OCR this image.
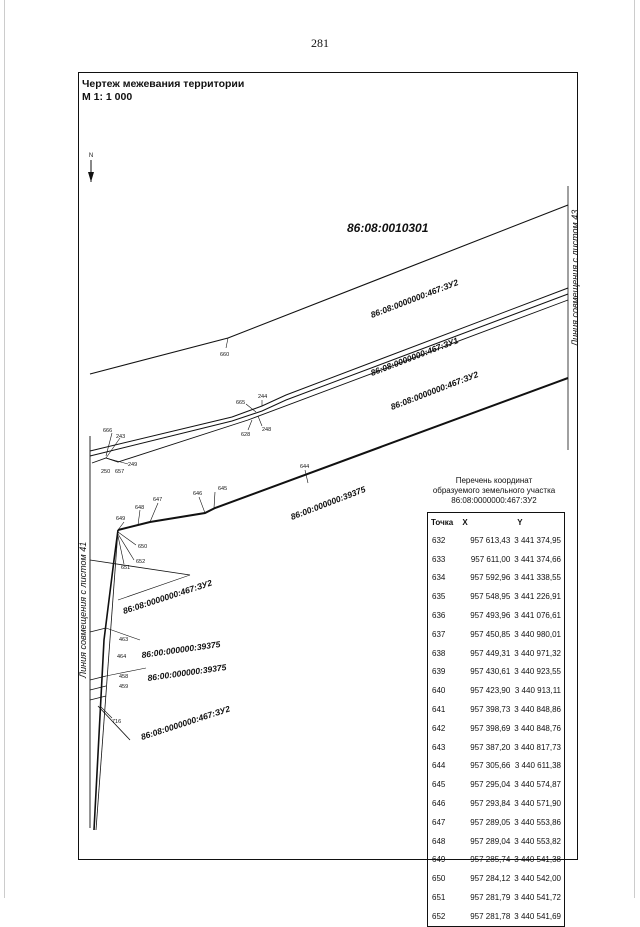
281
Чертеж межевания территории
М 1: 1 000
N
86:08:0010301
86:08:0000000:467:ЗУ2
86:08:0000000:467:ЗУ1
86:08:0000000:467:ЗУ2
86:00:000000:39375
86:08:0000000:467:ЗУ2
86:00:000000:39375
86:00:000000:39375
86:08:0000000:467:ЗУ2
Линия совмещения с листом 43
Линия совмещения с листом 41
660
665
244
628
248
666
243
249
250 657
644
645
646
647
648
649
650
652
651
463
464
458
459
716
Перечень координат
образуемого земельного участка
86:08:0000000:467:ЗУ2
Точка	X	Y
632	957 613,43	3 441 374,95
633	957 611,00	3 441 374,66
634	957 592,96	3 441 338,55
635	957 548,95	3 441 226,91
636	957 493,96	3 441 076,61
637	957 450,85	3 440 980,01
638	957 449,31	3 440 971,32
639	957 430,61	3 440 923,55
640	957 423,90	3 440 913,11
641	957 398,73	3 440 848,86
642	957 398,69	3 440 848,76
643	957 387,20	3 440 817,73
644	957 305,66	3 440 611,38
645	957 295,04	3 440 574,87
646	957 293,84	3 440 571,90
647	957 289,05	3 440 553,86
648	957 289,04	3 440 553,82
649	957 285,74	3 440 541,38
650	957 284,12	3 440 542,00
651	957 281,79	3 440 541,72
652	957 281,78	3 440 541,69
